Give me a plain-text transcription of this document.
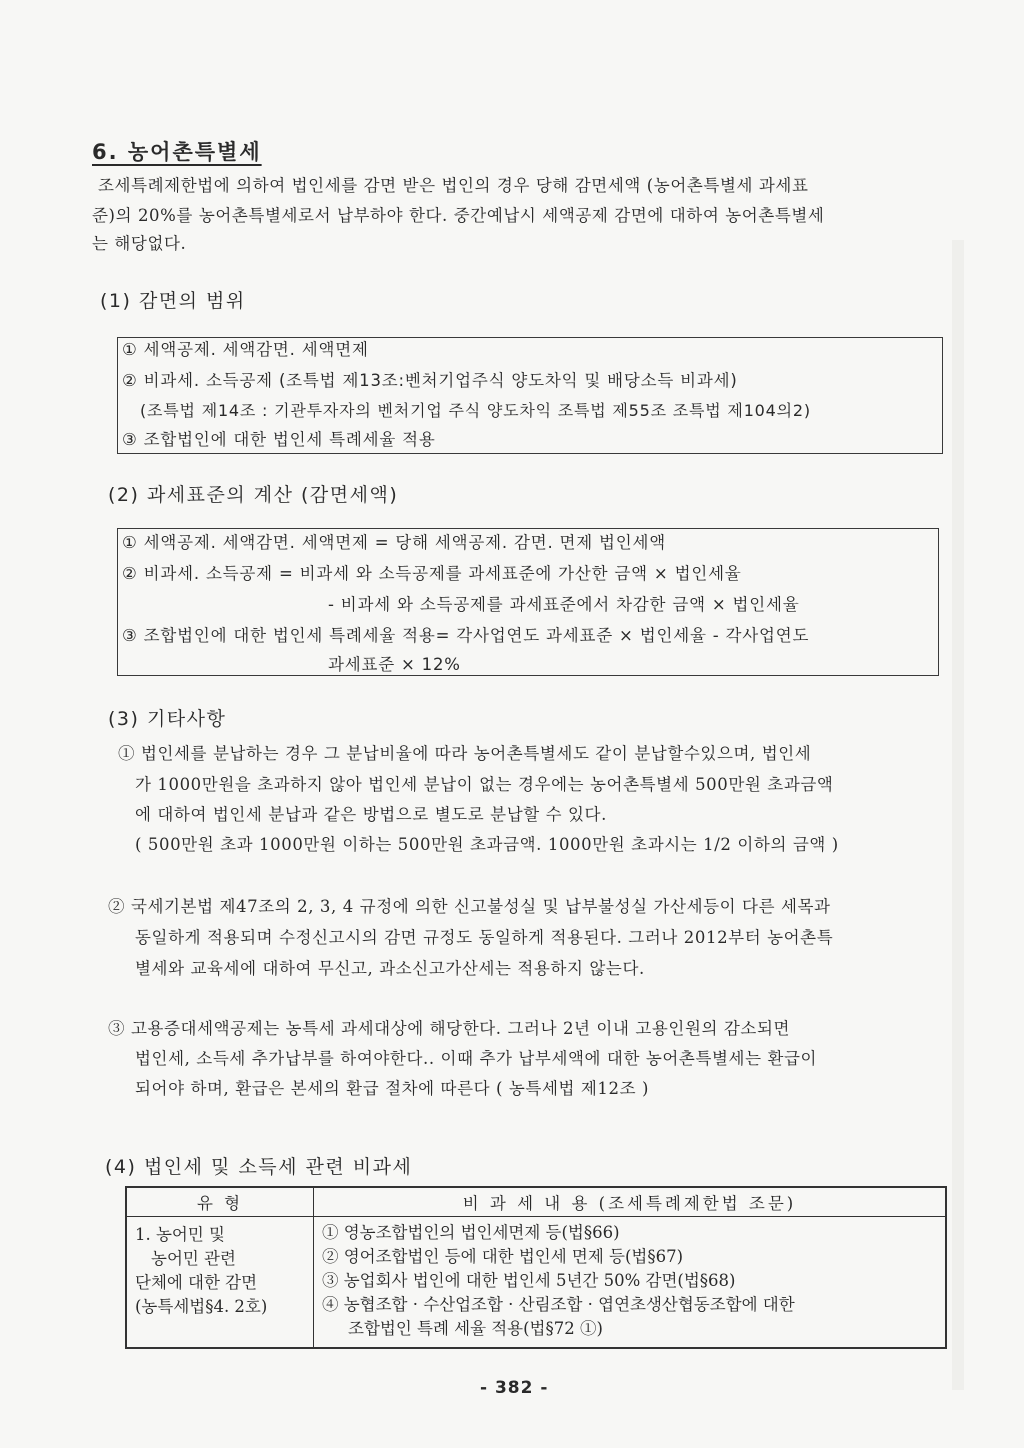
6. 농어촌특별세
조세특례제한법에 의하여 법인세를 감면 받은 법인의 경우 당해 감면세액 (농어촌특별세 과세표
준)의 20%를 농어촌특별세로서 납부하야 한다. 중간예납시 세액공제 감면에 대하여 농어촌특별세
는 해당없다.
(1) 감면의 범위
① 세액공제. 세액감면. 세액면제
② 비과세. 소득공제 (조특법 제13조:벤처기업주식 양도차익 및 배당소득 비과세)
(조특법 제14조 : 기관투자자의 벤처기업 주식 양도차익 조특법 제55조 조특법 제104의2)
③ 조합법인에 대한 법인세 특례세율 적용
(2) 과세표준의 계산 (감면세액)
① 세액공제. 세액감면. 세액면제 = 당해 세액공제. 감면. 면제 법인세액
② 비과세. 소득공제 = 비과세 와 소득공제를 과세표준에 가산한 금액 × 법인세율
- 비과세 와 소득공제를 과세표준에서 차감한 금액 × 법인세율
③ 조합법인에 대한 법인세 특례세율 적용= 각사업연도 과세표준 × 법인세율 - 각사업연도
과세표준 × 12%
(3) 기타사항
① 법인세를 분납하는 경우 그 분납비율에 따라 농어촌특별세도 같이 분납할수있으며, 법인세
가 1000만원을 초과하지 않아 법인세 분납이 없는 경우에는 농어촌특별세 500만원 초과금액
에 대하여 법인세 분납과 같은 방법으로 별도로 분납할 수 있다.
( 500만원 초과 1000만원 이하는 500만원 초과금액. 1000만원 초과시는 1/2 이하의 금액 )
② 국세기본법 제47조의 2, 3, 4 규정에 의한 신고불성실 및 납부불성실 가산세등이 다른 세목과
동일하게 적용되며 수정신고시의 감면 규정도 동일하게 적용된다. 그러나 2012부터 농어촌특
별세와 교육세에 대하여 무신고, 과소신고가산세는 적용하지 않는다.
③ 고용증대세액공제는 농특세 과세대상에 해당한다. 그러나 2년 이내 고용인원의 감소되면
법인세, 소득세 추가납부를 하여야한다.. 이때 추가 납부세액에 대한 농어촌특별세는 환급이
되어야 하며, 환급은 본세의 환급 절차에 따른다 ( 농특세법 제12조 )
(4) 법인세 및 소득세 관련 비과세
유 형	비 과 세 내 용 (조세특례제한법 조문)

1. 농어민 및
농어민 관련
단체에 대한 감면
(농특세법§4. 2호)	① 영농조합법인의 법인세면제 등(법§66)
② 영어조합법인 등에 대한 법인세 면제 등(법§67)
③ 농업회사 법인에 대한 법인세 5년간 50% 감면(법§68)
④ 농협조합 · 수산업조합 · 산림조합 · 엽연초생산협동조합에 대한
조합법인 특례 세율 적용(법§72 ①)
- 382 -
